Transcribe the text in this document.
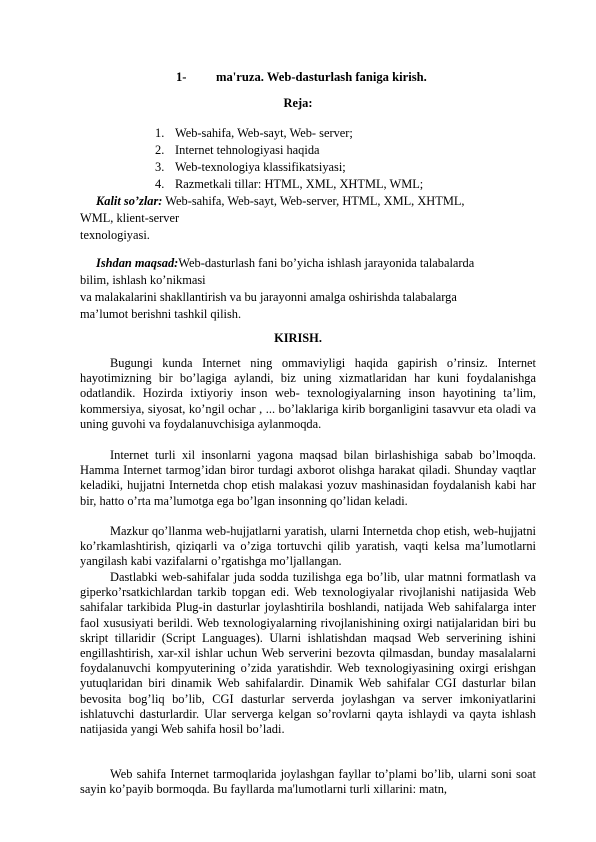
1- ma'ruza. Web-dasturlash faniga kirish.
Reja:
1. Web-sahifa, Web-sayt, Web- server;
2. Internet tehnologiyasi haqida
3. Web-texnologiya klassifikatsiyasi;
4. Razmetkali tillar: HTML, XML, XHTML, WML;
Kalit so’zlar: Web-sahifa, Web-sayt, Web-server, HTML, XML, XHTML,
WML, klient-server
texnologiyasi.
Ishdan maqsad:Web-dasturlash fani bo’yicha ishlash jarayonida talabalarda
bilim, ishlash ko’nikmasi
va malakalarini shakllantirish va bu jarayonni amalga oshirishda talabalarga
ma’lumot berishni tashkil qilish.
KIRISH.

Bugungi kunda Internet ning ommaviyligi haqida gapirish o’rinsiz. Internet hayotimizning bir bo’lagiga aylandi, biz uning xizmatlaridan har kuni foydalanishga odatlandik. Hozirda ixtiyoriy inson web- texnologiyalarning inson hayotining ta’lim, kommersiya, siyosat, ko’ngil ochar , ... bo’laklariga kirib borganligini tasavvur eta oladi va uning guvohi va foydalanuvchisiga aylanmoqda.

Internet turli xil insonlarni yagona maqsad bilan birlashishiga sabab bo’lmoqda. Hamma Internet tarmog’idan biror turdagi axborot olishga harakat qiladi. Shunday vaqtlar keladiki, hujjatni Internetda chop etish malakasi yozuv mashinasidan foydalanish kabi har bir, hatto o’rta ma’lumotga ega bo’lgan insonning qo’lidan keladi.

Mazkur qo’llanma web-hujjatlarni yaratish, ularni Internetda chop etish, web-hujjatni ko’rkamlashtirish, qiziqarli va o’ziga tortuvchi qilib yaratish, vaqti kelsa ma’lumotlarni yangilash kabi vazifalarni o’rgatishga mo’ljallangan.

Dastlabki web-sahifalar juda sodda tuzilishga ega bo’lib, ular matnni formatlash va giperko’rsatkichlardan tarkib topgan edi. Web texnologiyalar rivojlanishi natijasida Web sahifalar tarkibida Plug-in dasturlar joylashtirila boshlandi, natijada Web sahifalarga inter faol xususiyati berildi. Web texnologiyalarning rivojlanishining oxirgi natijalaridan biri bu skript tillaridir (Script Languages). Ularni ishlatishdan maqsad Web serverining ishini engillashtirish, xar-xil ishlar uchun Web serverini bezovta qilmasdan, bunday masalalarni foydalanuvchi kompyuterining o’zida yaratishdir. Web texnologiyasining oxirgi erishgan yutuqlaridan biri dinamik Web sahifalardir. Dinamik Web sahifalar CGI dasturlar bilan bevosita bog’liq bo’lib, CGI dasturlar serverda joylashgan va server imkoniyatlarini ishlatuvchi dasturlardir. Ular serverga kelgan so’rovlarni qayta ishlaydi va qayta ishlash natijasida yangi Web sahifa hosil bo’ladi.

Web sahifa Internet tarmoqlarida joylashgan fayllar to’plami bo’lib, ularni soni soat sayin ko’payib bormoqda. Bu fayllarda ma'lumotlarni turli xillarini: matn,
